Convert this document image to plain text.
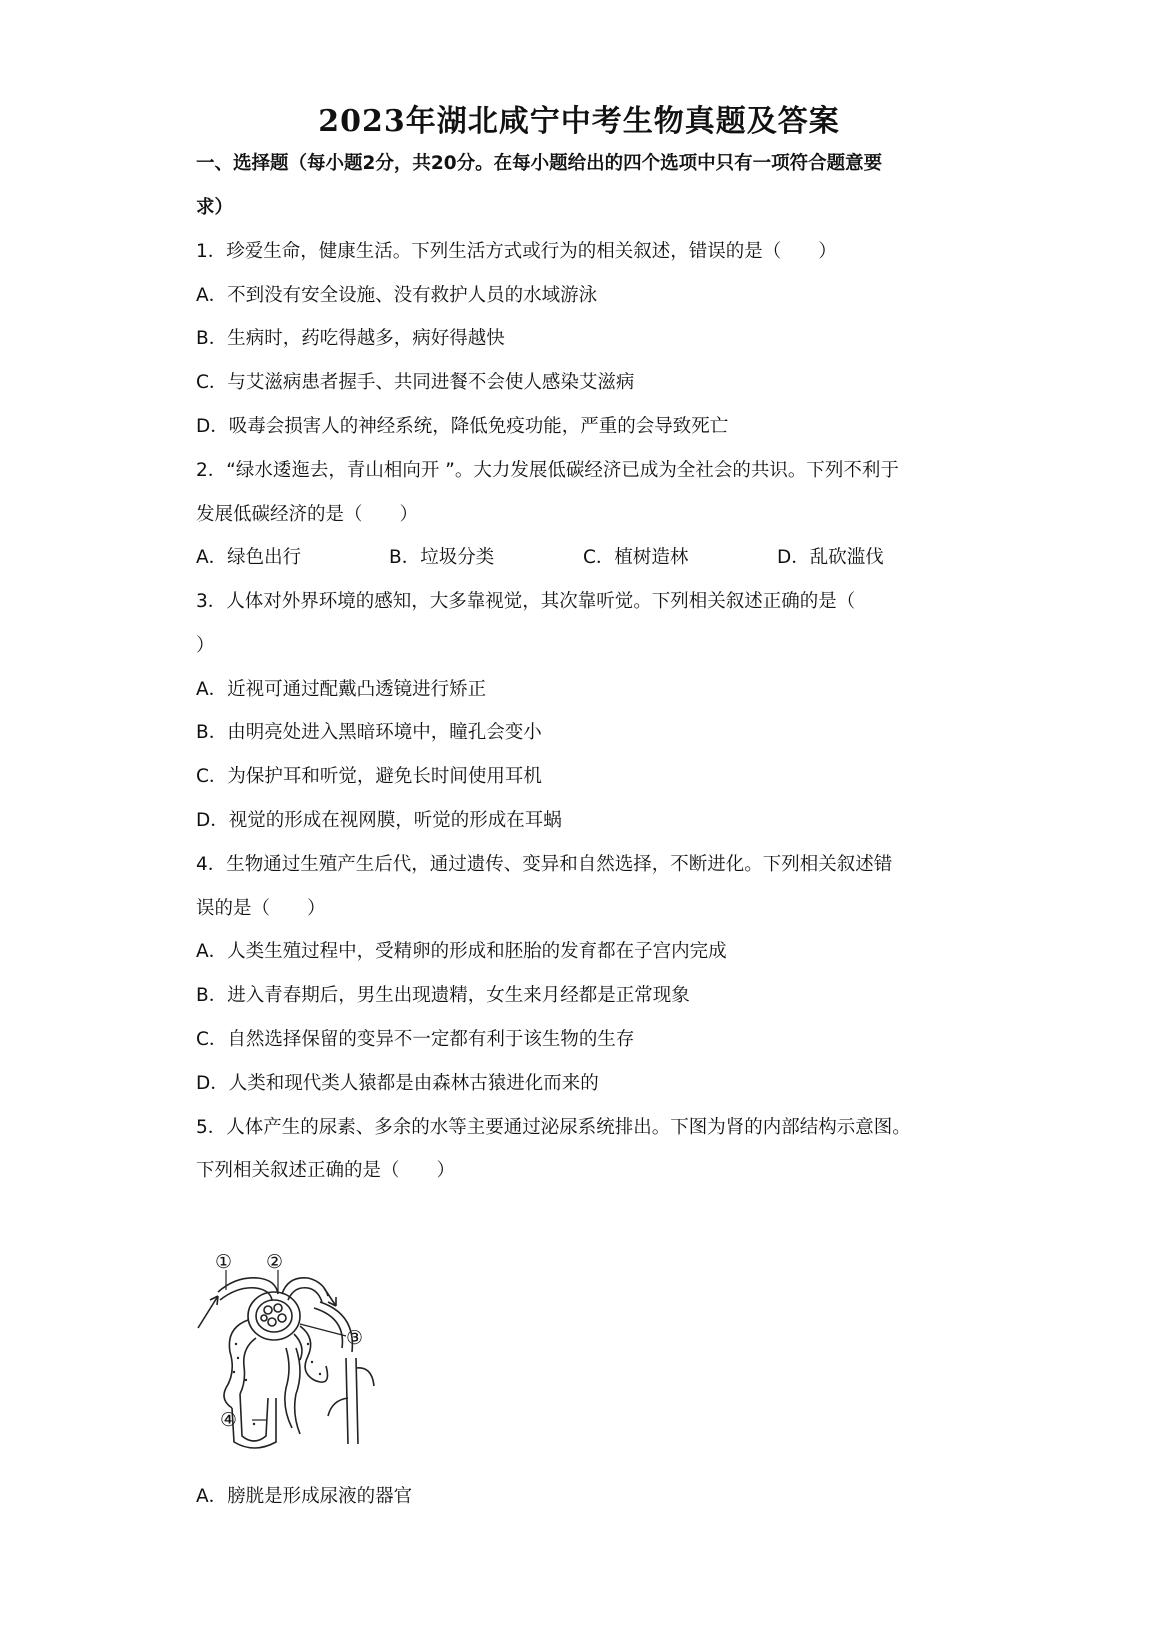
2023年湖北咸宁中考生物真题及答案
一、选择题（每小题2分，共20分。在每小题给出的四个选项中只有一项符合题意要
求）
1．珍爱生命，健康生活。下列生活方式或行为的相关叙述，错误的是（　　）
A．不到没有安全设施、没有救护人员的水域游泳
B．生病时，药吃得越多，病好得越快
C．与艾滋病患者握手、共同进餐不会使人感染艾滋病
D．吸毒会损害人的神经系统，降低免疫功能，严重的会导致死亡
2．“绿水逶迤去，青山相向开 ”。大力发展低碳经济已成为全社会的共识。下列不利于
发展低碳经济的是（　　）
A．绿色出行	B．垃圾分类	C．植树造林	D．乱砍滥伐
3．人体对外界环境的感知，大多靠视觉，其次靠听觉。下列相关叙述正确的是（
）
A．近视可通过配戴凸透镜进行矫正
B．由明亮处进入黑暗环境中，瞳孔会变小
C．为保护耳和听觉，避免长时间使用耳机
D．视觉的形成在视网膜，听觉的形成在耳蜗
4．生物通过生殖产生后代，通过遗传、变异和自然选择，不断进化。下列相关叙述错
误的是（　　）
A．人类生殖过程中，受精卵的形成和胚胎的发育都在子宫内完成
B．进入青春期后，男生出现遗精，女生来月经都是正常现象
C．自然选择保留的变异不一定都有利于该生物的生存
D．人类和现代类人猿都是由森林古猿进化而来的
5．人体产生的尿素、多余的水等主要通过泌尿系统排出。下图为肾的内部结构示意图。
下列相关叙述正确的是（　　）
① ②
③
④
A．膀胱是形成尿液的器官
